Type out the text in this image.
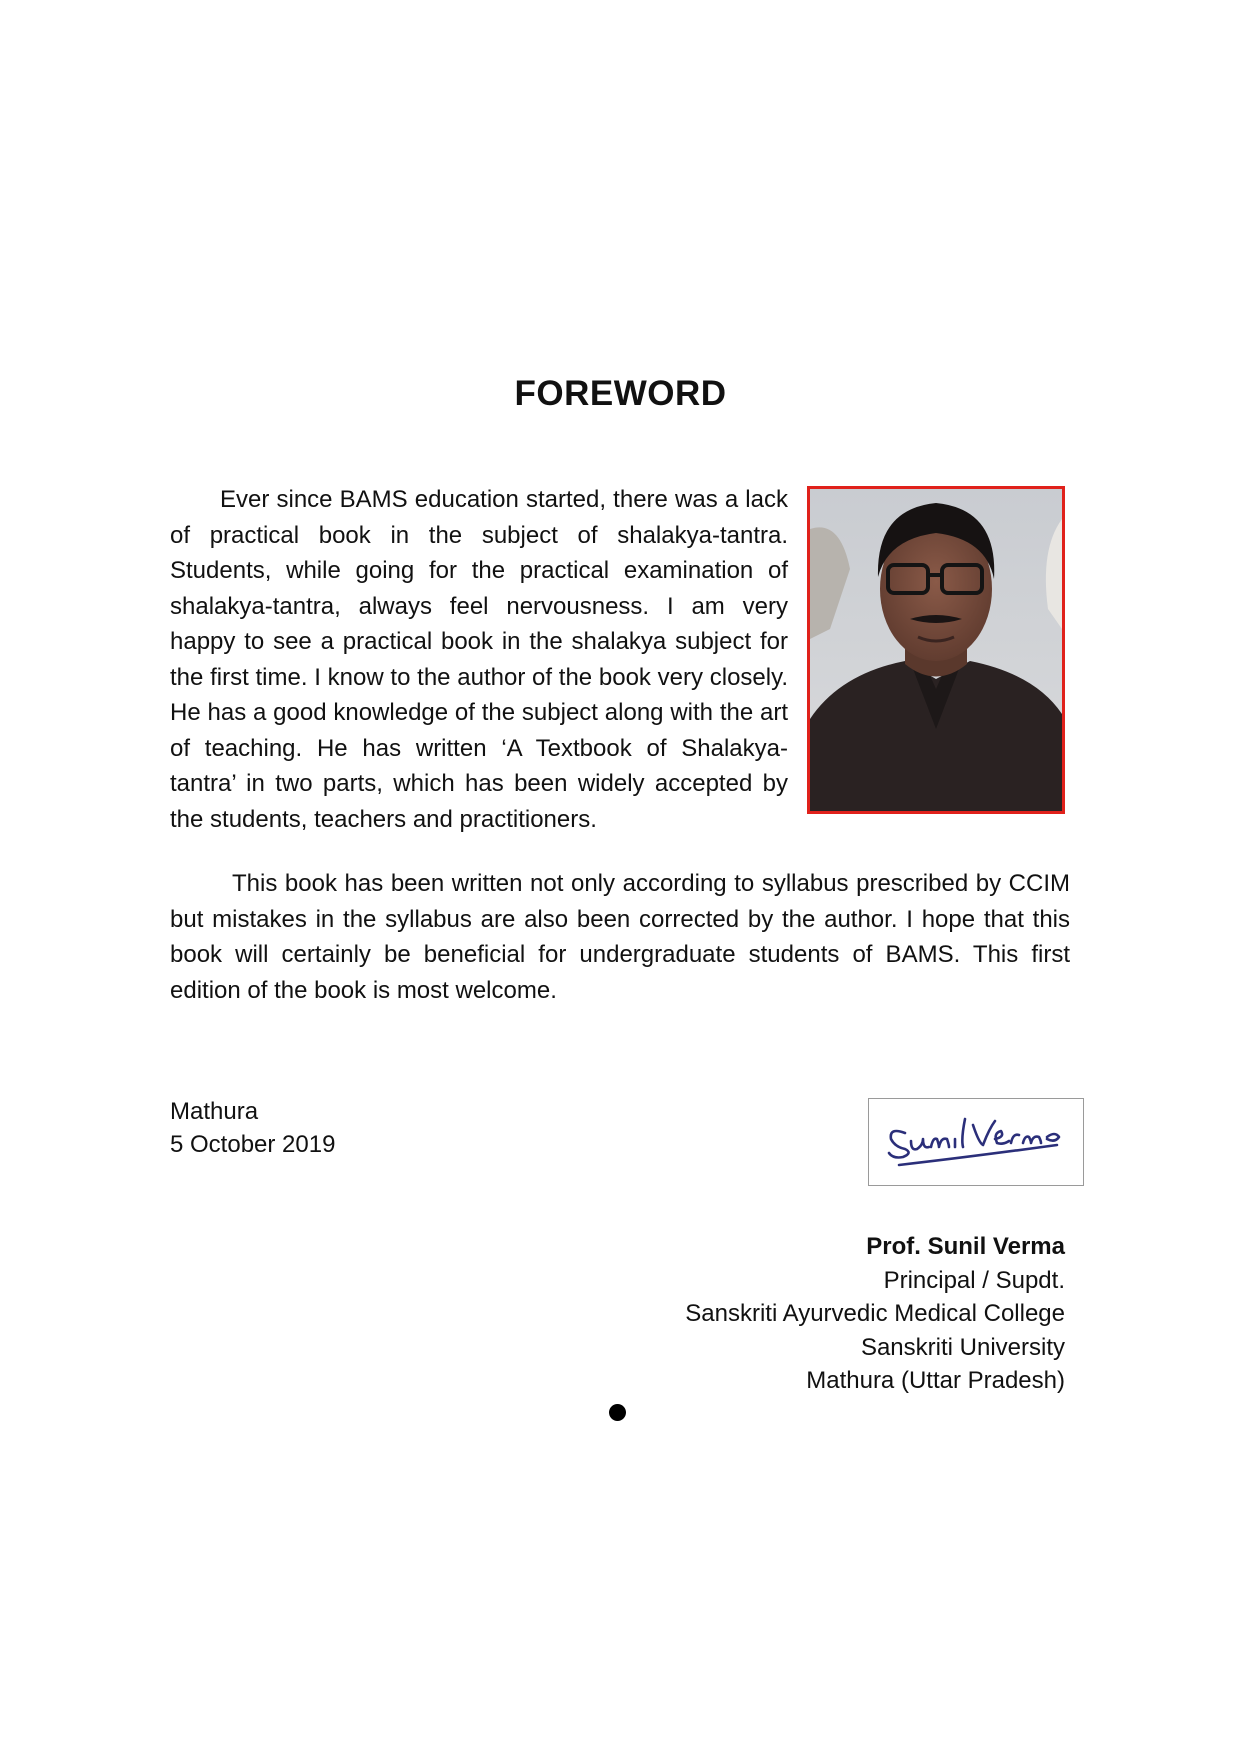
FOREWORD

Ever since BAMS education started, there was a lack of practical book in the subject of shalakya-tantra. Students, while going for the practical examination of shalakya-tantra, always feel nervousness. I am very happy to see a practical book in the shalakya subject for the first time. I know to the author of the book very closely. He has a good knowledge of the subject along with the art of teaching. He has written ‘A Textbook of Shalakya-tantra’ in two parts, which has been widely accepted by the students, teachers and practitioners.

This book has been written not only according to syllabus prescribed by CCIM but mistakes in the syllabus are also been corrected by the author. I hope that this book will certainly be beneficial for undergraduate students of BAMS. This first edition of the book is most welcome.

Mathura
5 October 2019
Prof. Sunil Verma
Principal / Supdt.
Sanskriti Ayurvedic Medical College
Sanskriti University
Mathura (Uttar Pradesh)
